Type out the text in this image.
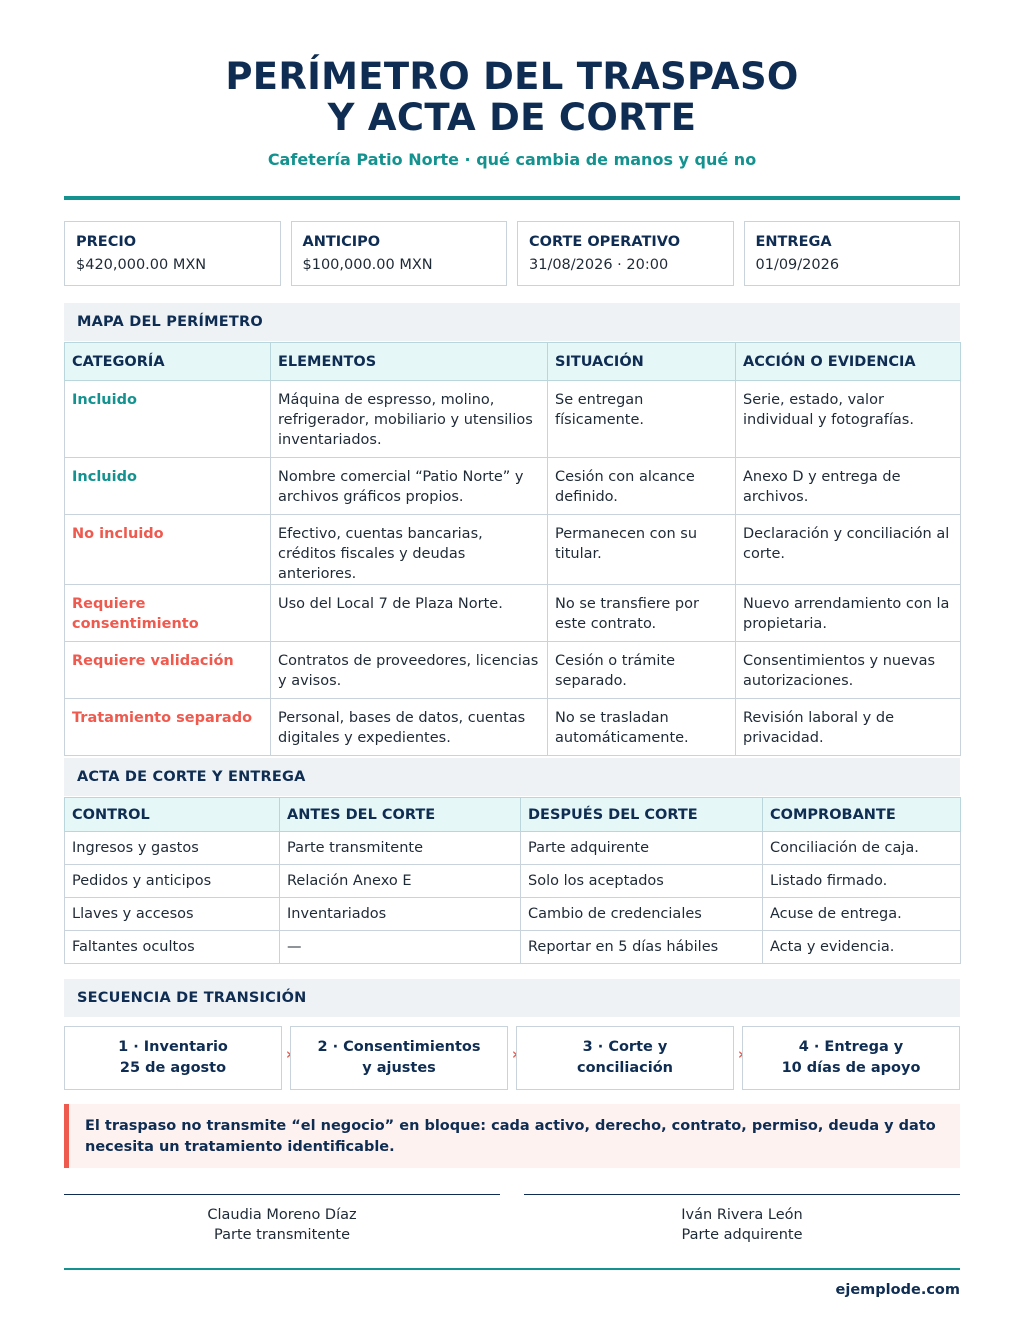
PERÍMETRO DEL TRASPASO
Y ACTA DE CORTE
Cafetería Patio Norte · qué cambia de manos y qué no
PRECIO
$420,000.00 MXN
ANTICIPO
$100,000.00 MXN
CORTE OPERATIVO
31/08/2026 · 20:00
ENTREGA
01/09/2026
MAPA DEL PERÍMETRO
CATEGORÍA	ELEMENTOS	SITUACIÓN	ACCIÓN O EVIDENCIA
Incluido	Máquina de espresso, molino, refrigerador, mobiliario y utensilios inventariados.	Se entregan físicamente.	Serie, estado, valor individual y fotografías.
Incluido	Nombre comercial “Patio Norte” y archivos gráficos propios.	Cesión con alcance definido.	Anexo D y entrega de archivos.
No incluido	Efectivo, cuentas bancarias, créditos fiscales y deudas anteriores.	Permanecen con su titular.	Declaración y conciliación al corte.
Requiere consentimiento	Uso del Local 7 de Plaza Norte.	No se transfiere por este contrato.	Nuevo arrendamiento con la propietaria.
Requiere validación	Contratos de proveedores, licencias y avisos.	Cesión o trámite separado.	Consentimientos y nuevas autorizaciones.
Tratamiento separado	Personal, bases de datos, cuentas digitales y expedientes.	No se trasladan automáticamente.	Revisión laboral y de privacidad.
ACTA DE CORTE Y ENTREGA
CONTROL	ANTES DEL CORTE	DESPUÉS DEL CORTE	COMPROBANTE
Ingresos y gastos	Parte transmitente	Parte adquirente	Conciliación de caja.
Pedidos y anticipos	Relación Anexo E	Solo los aceptados	Listado firmado.
Llaves y accesos	Inventariados	Cambio de credenciales	Acuse de entrega.
Faltantes ocultos	—	Reportar en 5 días hábiles	Acta y evidencia.
SECUENCIA DE TRANSICIÓN
1 · Inventario
25 de agosto
› 2 · Consentimientos
y ajustes
›	3 · Corte y
conciliación
›	4 · Entrega y
10 días de apoyo
El traspaso no transmite “el negocio” en bloque: cada activo, derecho, contrato, permiso, deuda y dato necesita un tratamiento identificable.
Claudia Moreno Díaz
Parte transmitente
Iván Rivera León
Parte adquirente
ejemplode.com
